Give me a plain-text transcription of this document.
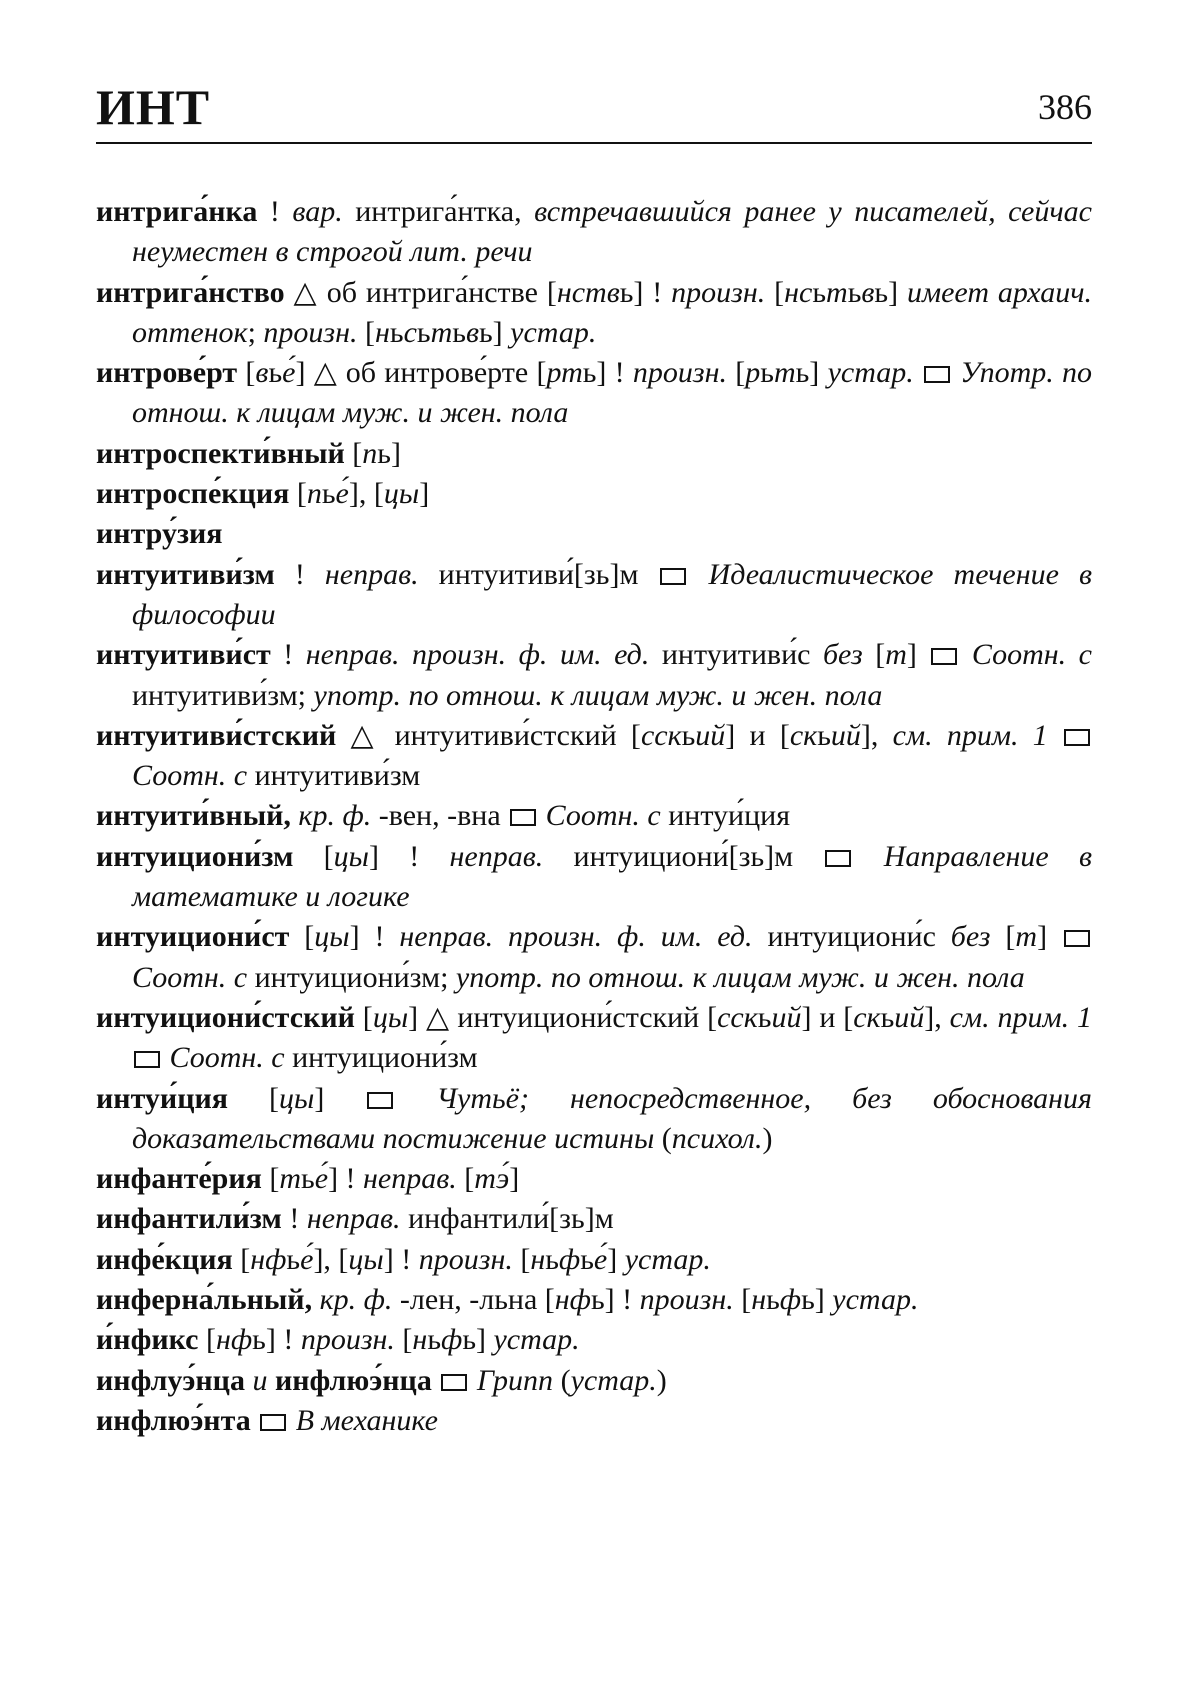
ИНТ	386

интрига́нка ! вар. интрига́нтка, встречавшийся ранее у писателей, сейчас неуместен в строгой лит. речи

интрига́нство △ об интрига́нстве [нствь] ! произн. [нсьтьвь] имеет архаич. оттенок; произн. [ньсьтьвь] устар.

интрове́рт [вье́] △ об интрове́рте [рть] ! произн. [рьть] устар. Употр. по отнош. к лицам муж. и жен. пола

интроспекти́вный [пь]

интроспе́кция [пье́], [цы]

интру́зия

интуитиви́зм ! неправ. интуитиви́[зь]м  Идеалистическое течение в философии

интуитиви́ст ! неправ. произн. ф. им. ед. интуитиви́с без [т]  Соотн. с интуитиви́зм; употр. по отнош. к лицам муж. и жен. пола

интуитиви́стский △ интуитиви́стский [сскьий] и [скьий], см. прим. 1  Соотн. с интуитиви́зм

интуити́вный, кр. ф. -вен, -вна  Соотн. с интуи́ция

интуициони́зм [цы] ! неправ. интуициони́[зь]м  Направление в математике и логике

интуициони́ст [цы] ! неправ. произн. ф. им. ед. интуициони́с без [т]  Соотн. с интуициони́зм; употр. по отнош. к лицам муж. и жен. пола

интуициони́стский [цы] △ интуициони́стский [сскьий] и [скьий], см. прим. 1  Соотн. с интуициони́зм

интуи́ция [цы]  Чутьё; непосредственное, без обоснования доказательствами постижение истины (психол.)

инфанте́рия [тье́] ! неправ. [тэ́]

инфантили́зм ! неправ. инфантили́[зь]м

инфе́кция [нфье́], [цы] ! произн. [ньфье́] устар.

инферна́льный, кр. ф. -лен, -льна [нфь] ! произн. [ньфь] устар.

и́нфикс [нфь] ! произн. [ньфь] устар.

инфлуэ́нца и инфлюэ́нца Грипп (устар.)

инфлюэ́нта В механике
